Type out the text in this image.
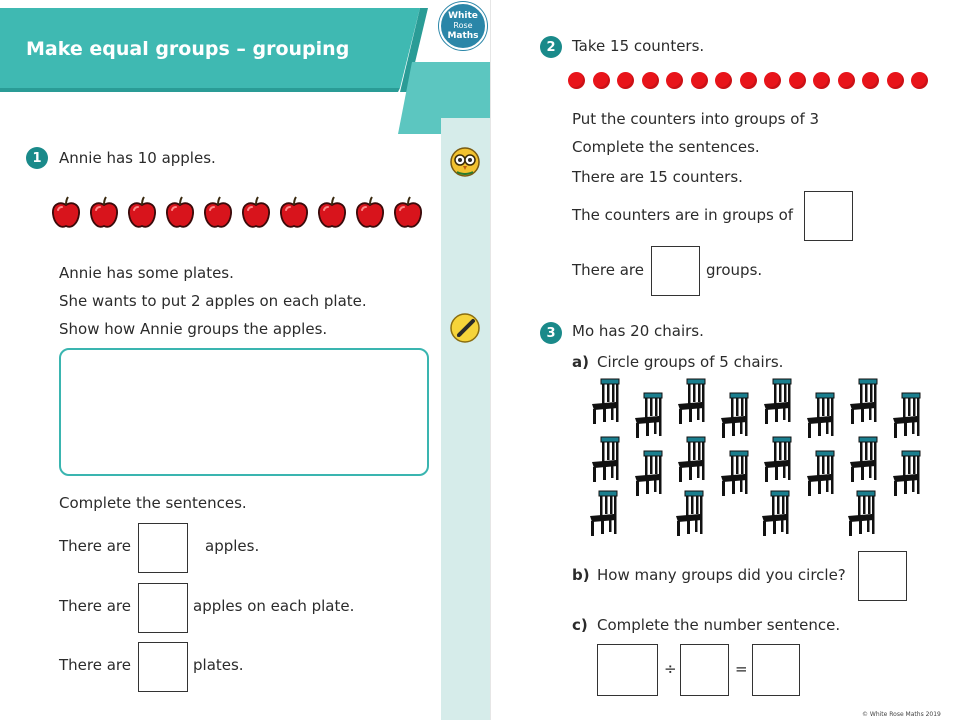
Make equal groups – grouping
White
Rose
Maths
1	Annie has 10 apples.
Annie has some plates.
She wants to put 2 apples on each plate.
Show how Annie groups the apples.
Complete the sentences.
There are	apples.
There are	apples on each plate.
There are	plates.
2	Take 15 counters.
Put the counters into groups of 3
Complete the sentences.
There are 15 counters.
The counters are in groups of
There are	groups.
3	Mo has 20 chairs.
a) Circle groups of 5 chairs.
b) How many groups did you circle?
c) Complete the number sentence.
÷	=
© White Rose Maths 2019
